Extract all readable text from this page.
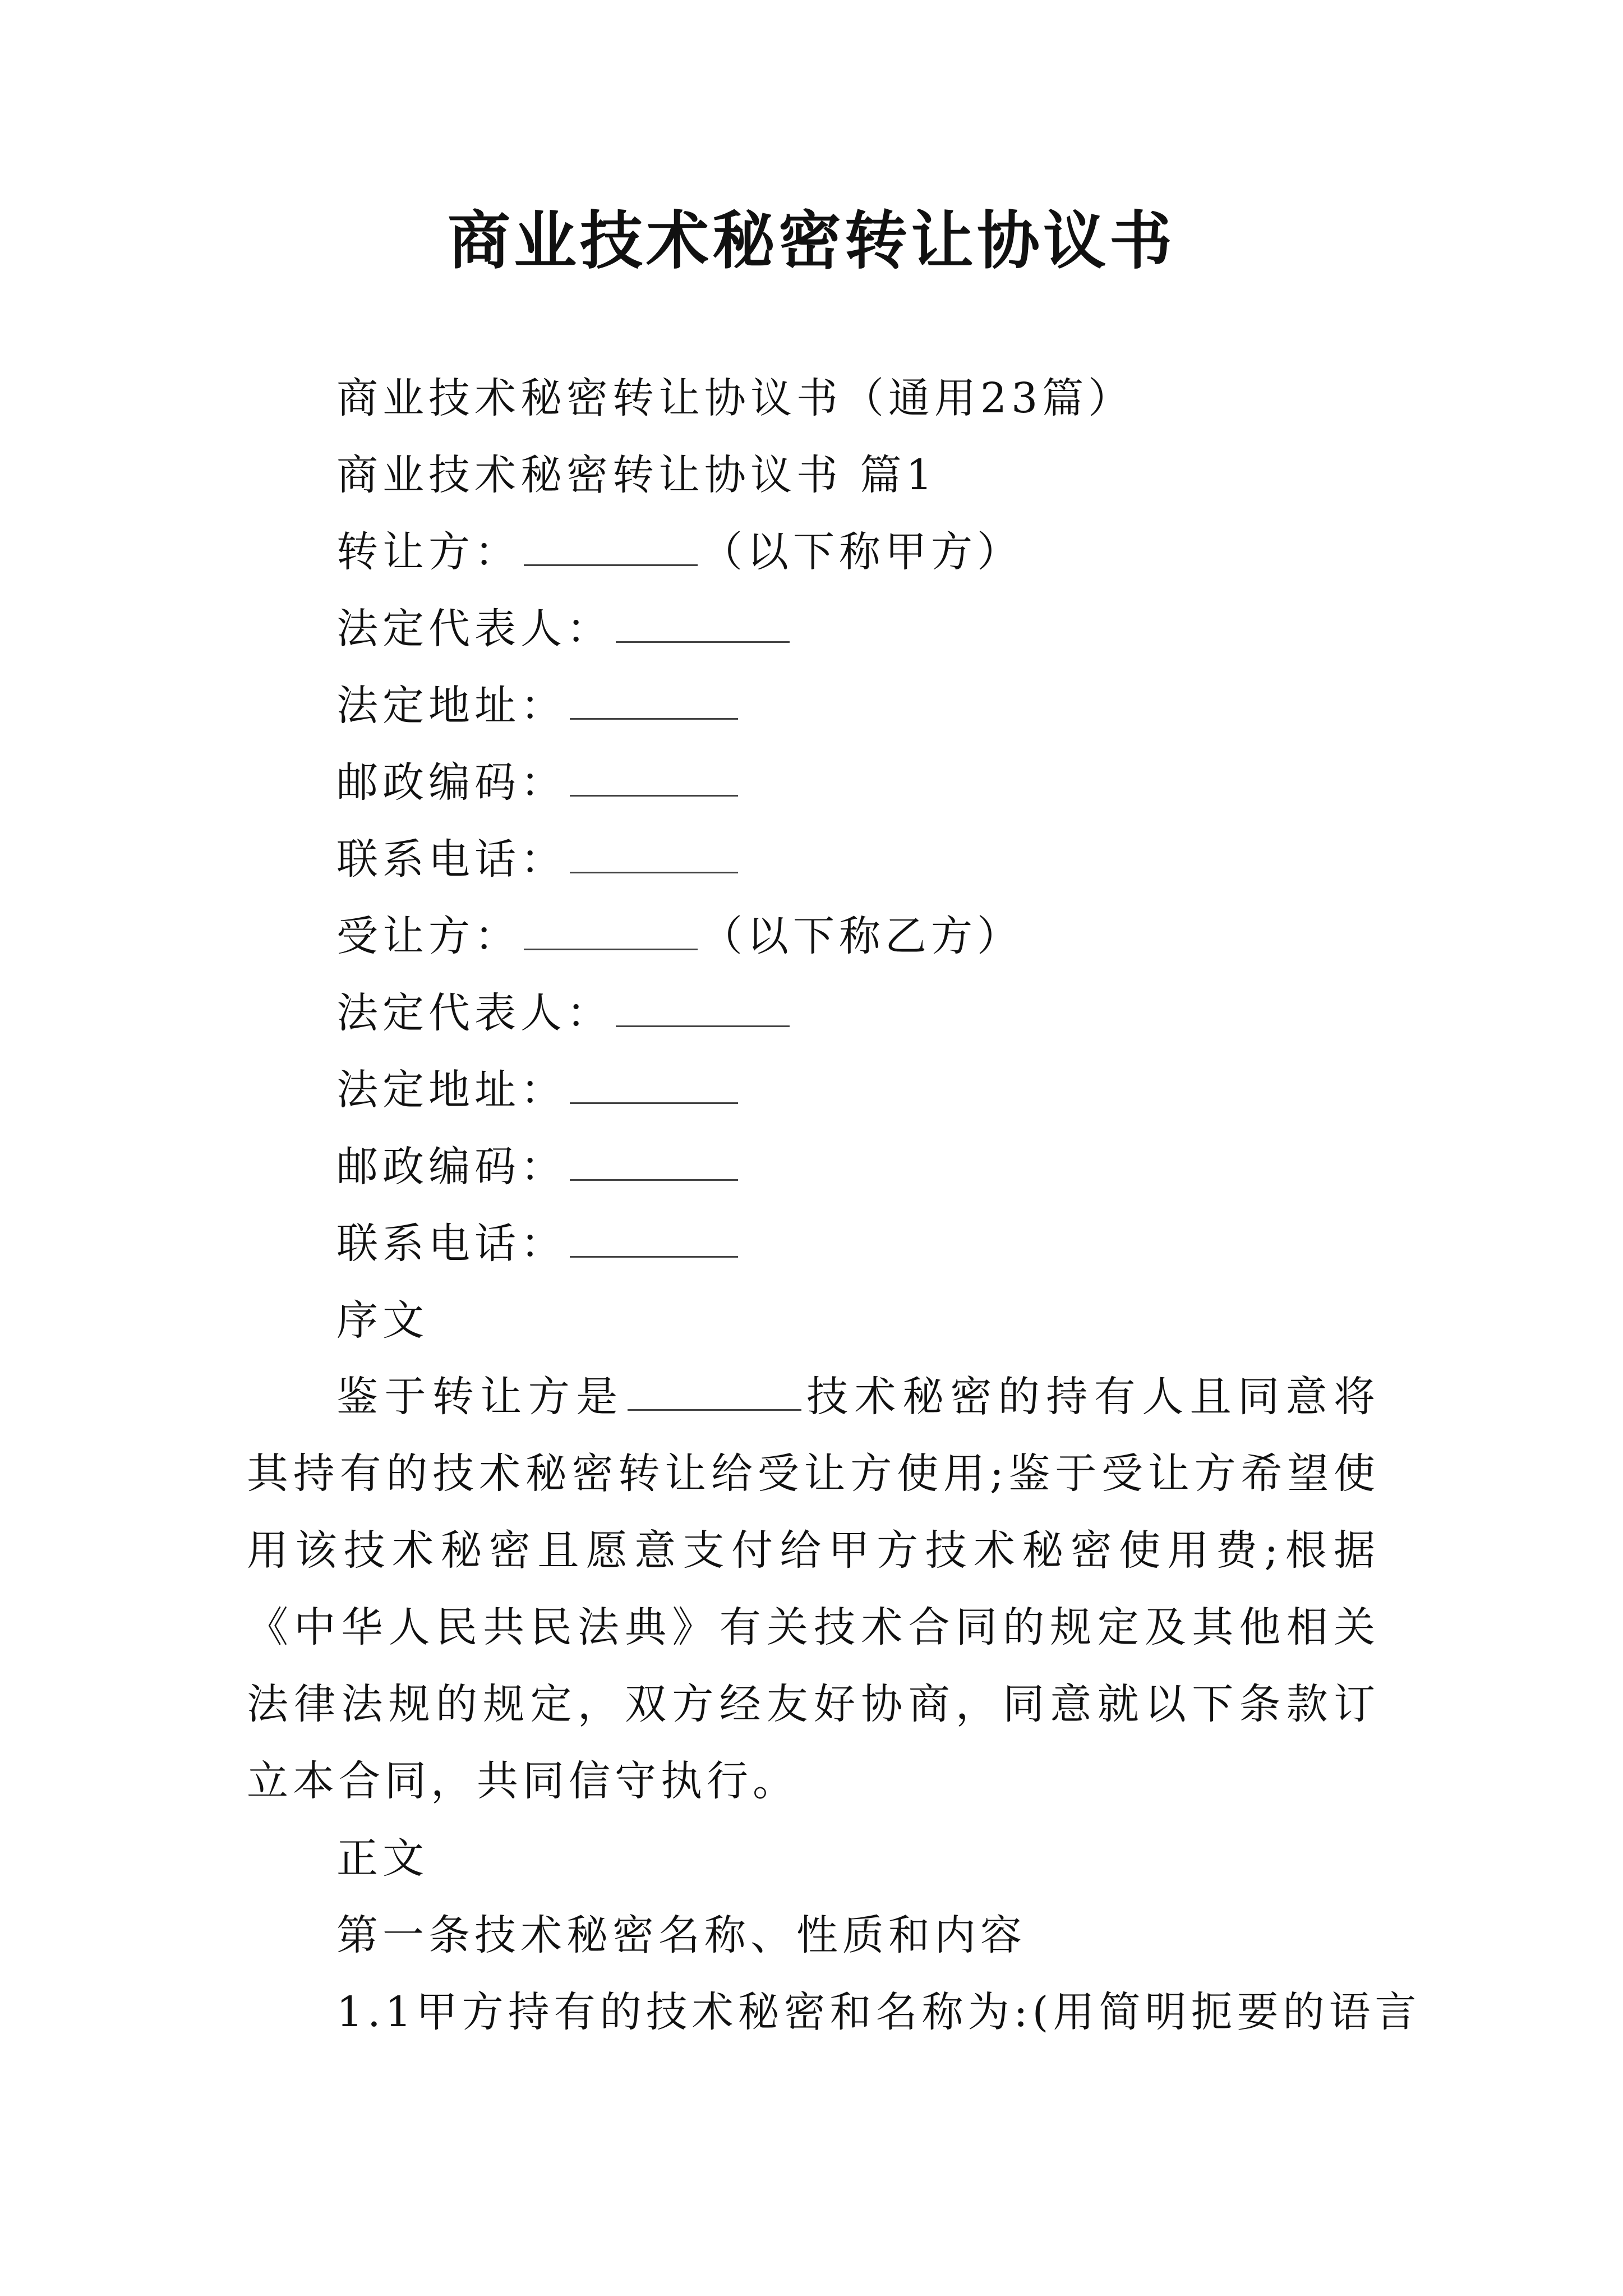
商业技术秘密转让协议书
商业技术秘密转让协议书（通用23篇）
商业技术秘密转让协议书 篇1
转让方：	（以下称甲方）
法定代表人：
法定地址：
邮政编码：
联系电话：
受让方：	（以下称乙方）
法定代表人：
法定地址：
邮政编码：
联系电话：
序文
鉴于转让方是	技术秘密的持有人且同意将其持有的技术秘密转让给受让方使用;鉴于受让方希望使用该技术秘密且愿意支付给甲方技术秘密使用费;根据《中华人民共民法典》有关技术合同的规定及其他相关法律法规的规定，双方经友好协商，同意就以下条款订立本合同，共同信守执行。
正文
第一条技术秘密名称、性质和内容
1.1甲方持有的技术秘密和名称为:(用简明扼要的语言
